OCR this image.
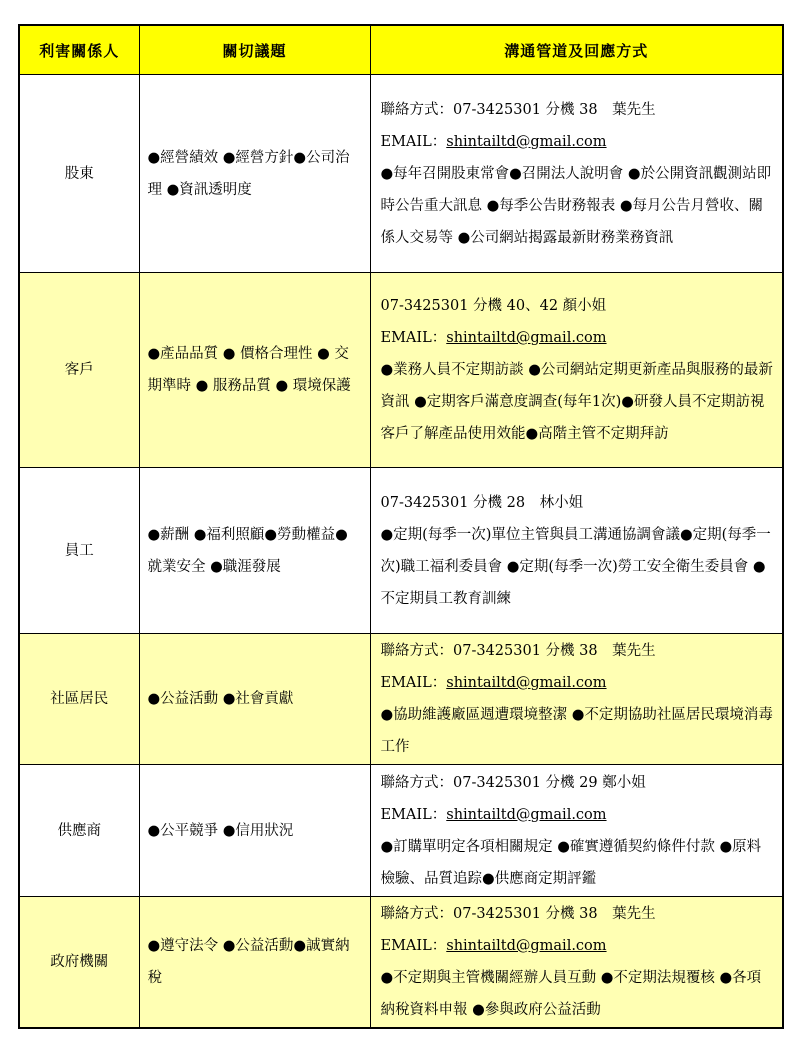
利害關係人	關切議題	溝通管道及回應方式
股東	●經營績效 ●經營方針●公司治理 ●資訊透明度	聯絡方式：07-3425301 分機 38　葉先生
EMAIL：shintailtd@gmail.com
●每年召開股東常會●召開法人說明會 ●於公開資訊觀測站即時公告重大訊息 ●每季公告財務報表 ●每月公告月營收、關係人交易等 ●公司網站揭露最新財務業務資訊

客戶	●產品品質 ● 價格合理性 ● 交期準時 ● 服務品質 ● 環境保護	07-3425301 分機 40、42 顏小姐
EMAIL：shintailtd@gmail.com
●業務人員不定期訪談 ●公司網站定期更新產品與服務的最新資訊 ●定期客戶滿意度調查(每年1次)●研發人員不定期訪視客戶了解產品使用效能●高階主管不定期拜訪

員工	●薪酬 ●福利照顧●勞動權益●就業安全 ●職涯發展	07-3425301 分機 28　林小姐
●定期(每季一次)單位主管與員工溝通協調會議●定期(每季一次)職工福利委員會 ●定期(每季一次)勞工安全衛生委員會 ●不定期員工教育訓練

社區居民	●公益活動 ●社會貢獻	聯絡方式：07-3425301 分機 38　葉先生
EMAIL：shintailtd@gmail.com
●協助維護廠區週遭環境整潔 ●不定期協助社區居民環境消毒工作

供應商	●公平競爭 ●信用狀況	聯絡方式：07-3425301 分機 29 鄭小姐
EMAIL：shintailtd@gmail.com
●訂購單明定各項相關規定 ●確實遵循契約條件付款 ●原料檢驗、品質追踪●供應商定期評鑑

政府機關	●遵守法令 ●公益活動●誠實納稅	聯絡方式：07-3425301 分機 38　葉先生
EMAIL：shintailtd@gmail.com
●不定期與主管機關經辦人員互動 ●不定期法規覆核 ●各項納稅資料申報 ●參與政府公益活動
